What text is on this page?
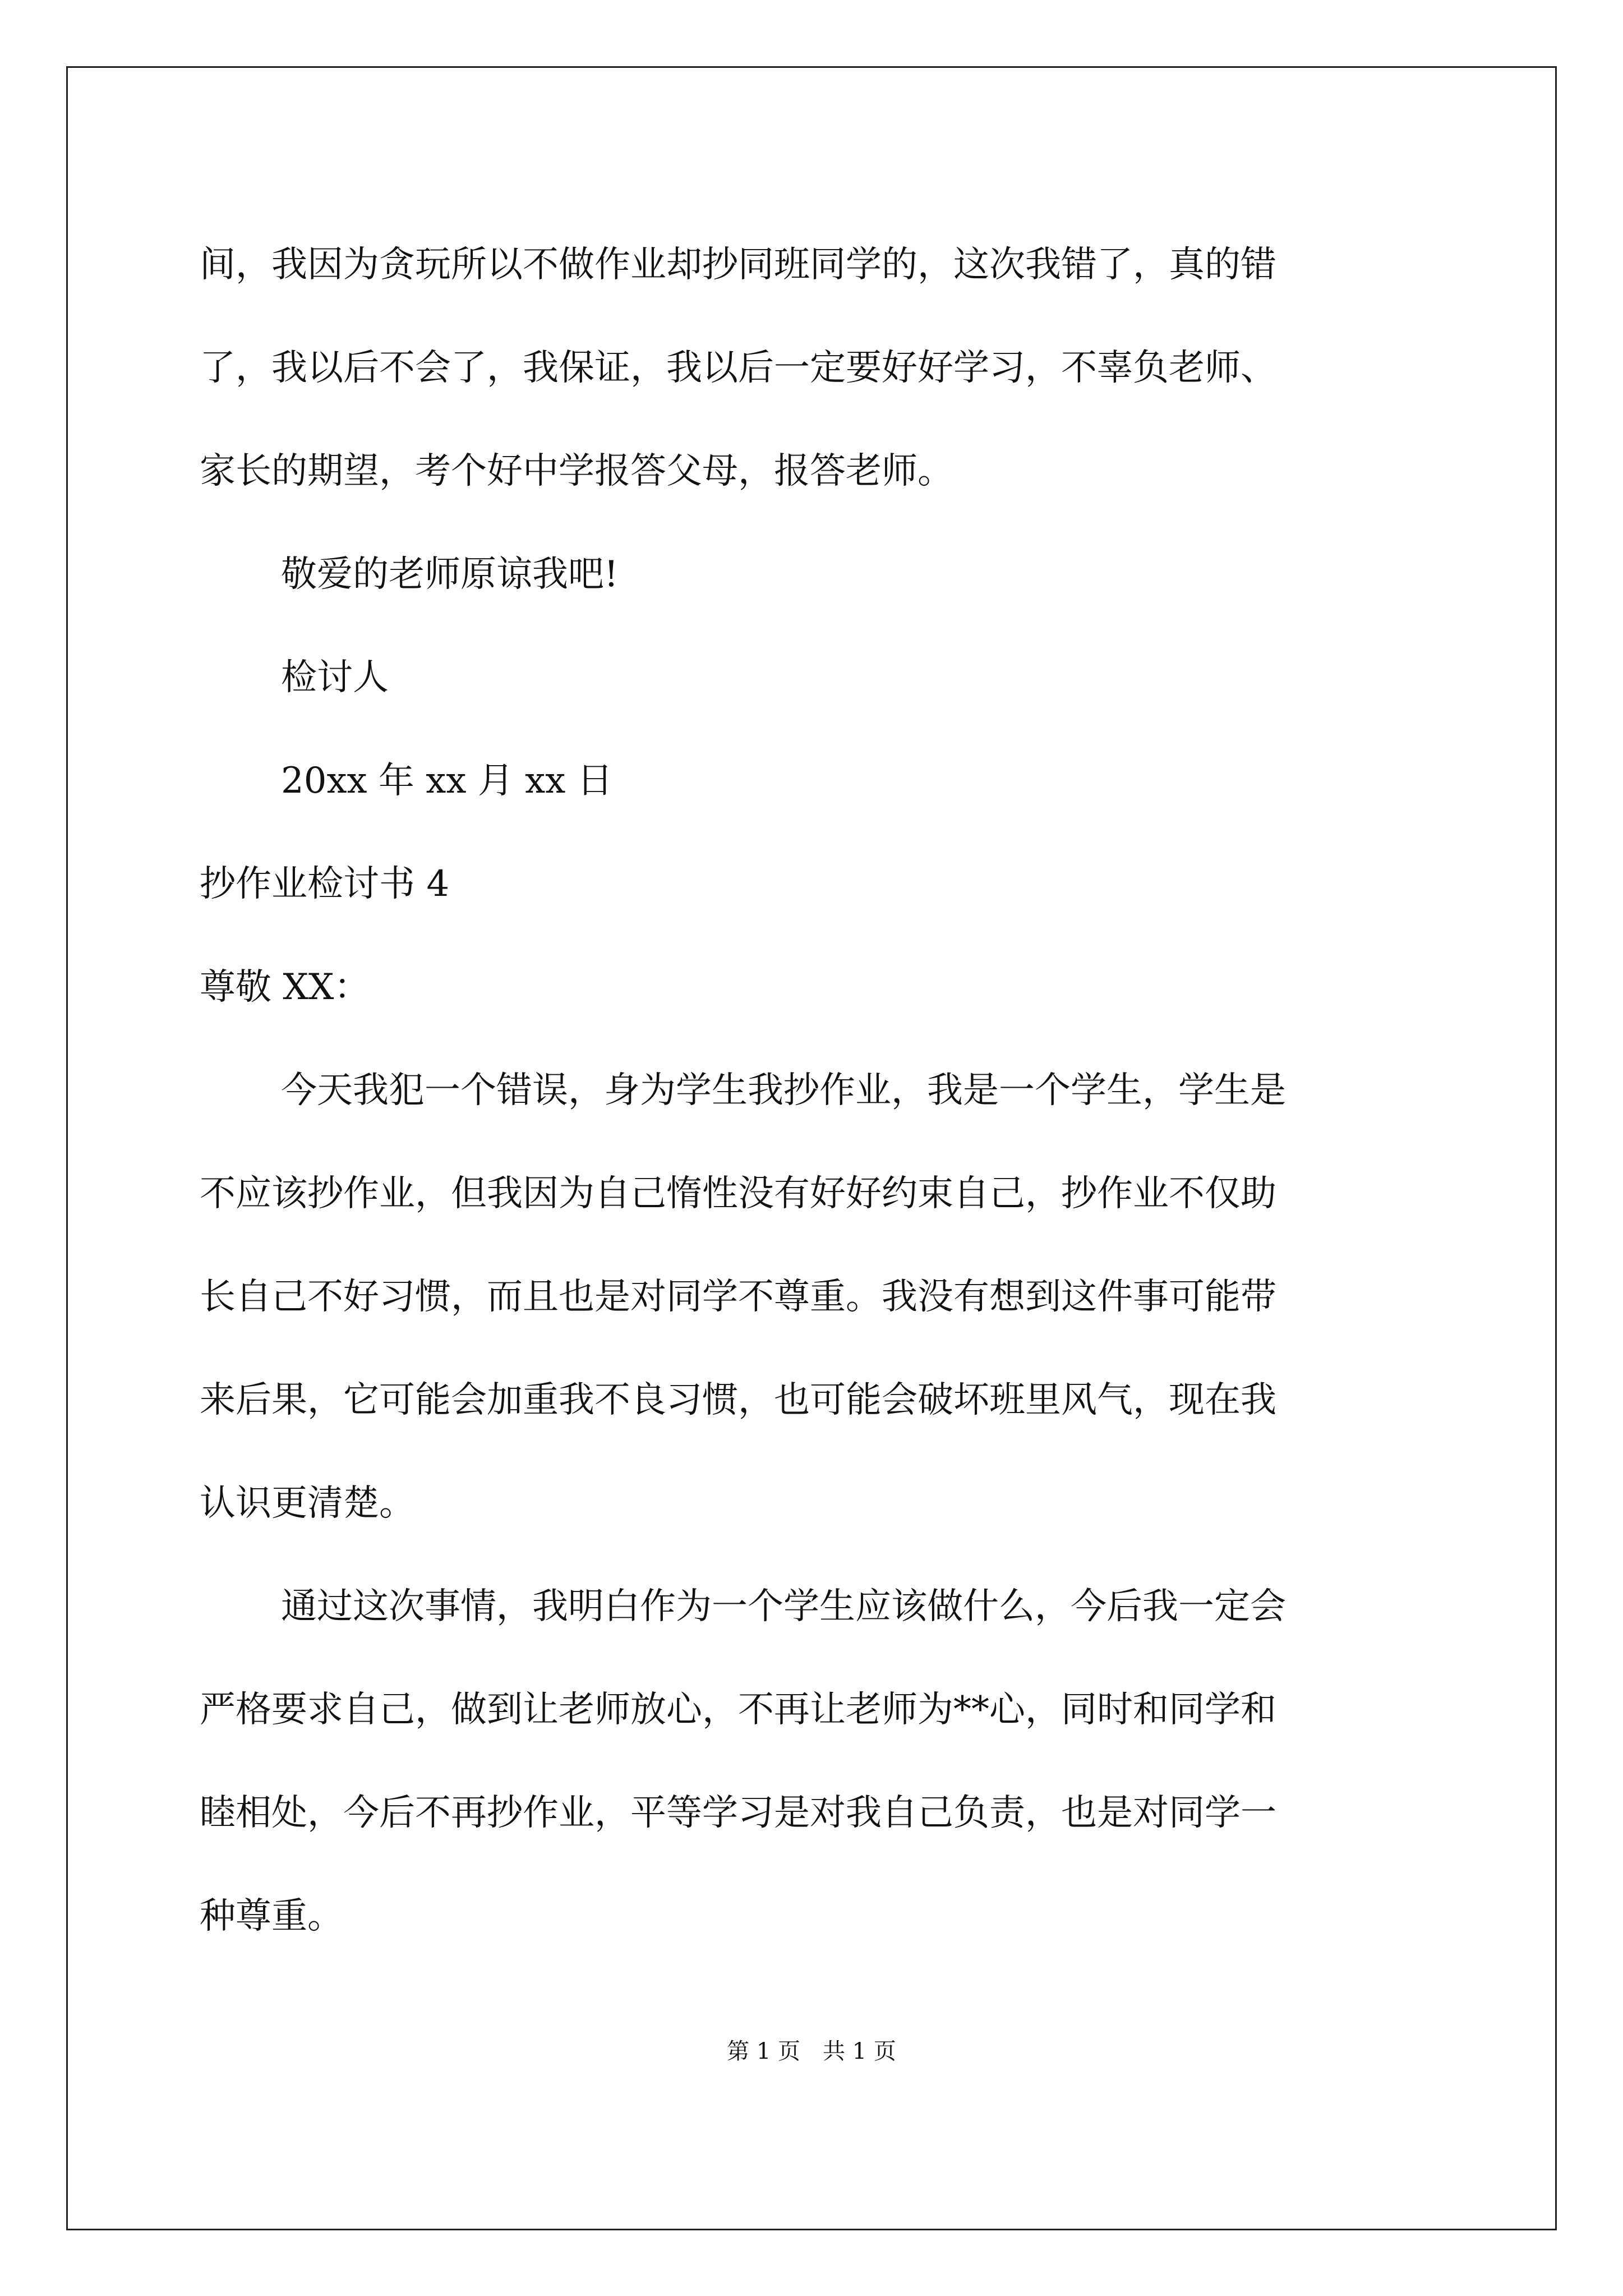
间，我因为贪玩所以不做作业却抄同班同学的，这次我错了，真的错
了，我以后不会了，我保证，我以后一定要好好学习，不辜负老师、
家长的期望，考个好中学报答父母，报答老师。
敬爱的老师原谅我吧!
检讨人
20xx 年 xx 月 xx 日
抄作业检讨书 4
尊敬 XX：
今天我犯一个错误，身为学生我抄作业，我是一个学生，学生是
不应该抄作业，但我因为自己惰性没有好好约束自己，抄作业不仅助
长自己不好习惯，而且也是对同学不尊重。我没有想到这件事可能带
来后果，它可能会加重我不良习惯，也可能会破坏班里风气，现在我
认识更清楚。
通过这次事情，我明白作为一个学生应该做什么，今后我一定会
严格要求自己，做到让老师放心，不再让老师为**心，同时和同学和
睦相处，今后不再抄作业，平等学习是对我自己负责，也是对同学一
种尊重。
第 1 页　共 1 页
